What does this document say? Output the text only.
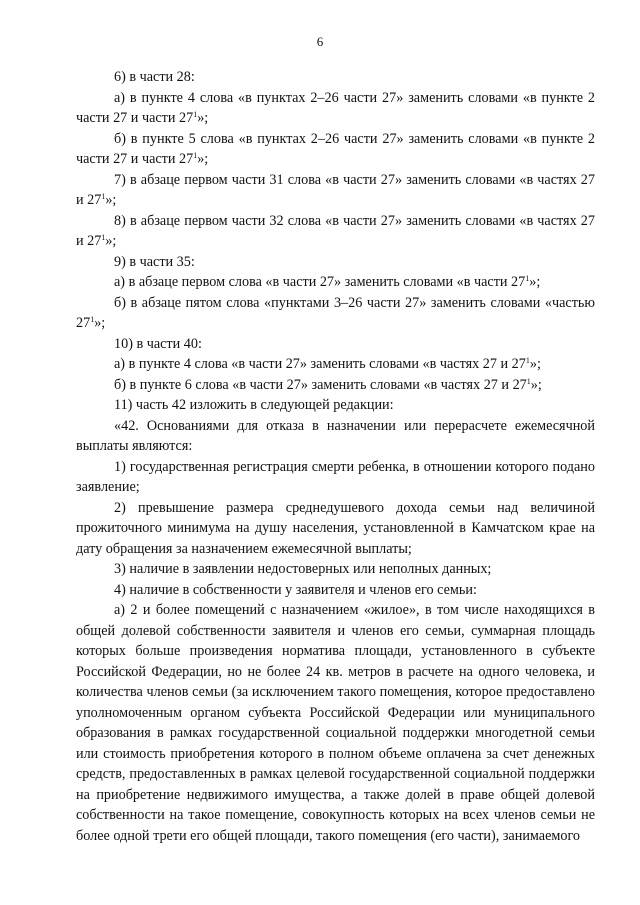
6

6) в части 28:

а) в пункте 4 слова «в пунктах 2–26 части 27» заменить словами «в пункте 2 части 27 и части $27^1$»;

б) в пункте 5 слова «в пунктах 2–26 части 27» заменить словами «в пункте 2 части 27 и части $27^1$»;

7) в абзаце первом части 31 слова «в части 27» заменить словами «в частях 27 и $27^1$»;

8) в абзаце первом части 32 слова «в части 27» заменить словами «в частях 27 и $27^1$»;

9) в части 35:

а) в абзаце первом слова «в части 27» заменить словами «в части $27^1$»;

б) в абзаце пятом слова «пунктами 3–26 части 27» заменить словами «частью $27^1$»;

10) в части 40:

а) в пункте 4 слова «в части 27» заменить словами «в частях 27 и $27^1$»;

б) в пункте 6 слова «в части 27» заменить словами «в частях 27 и $27^1$»;

11) часть 42 изложить в следующей редакции:

«42. Основаниями для отказа в назначении или перерасчете ежемесячной выплаты являются:

1) государственная регистрация смерти ребенка, в отношении которого подано заявление;

2) превышение размера среднедушевого дохода семьи над величиной прожиточного минимума на душу населения, установленной в Камчатском крае на дату обращения за назначением ежемесячной выплаты;

3) наличие в заявлении недостоверных или неполных данных;

4) наличие в собственности у заявителя и членов его семьи:

а) 2 и более помещений с назначением «жилое», в том числе находящихся в общей долевой собственности заявителя и членов его семьи, суммарная площадь которых больше произведения норматива площади, установленного в субъекте Российской Федерации, но не более 24 кв. метров в расчете на одного человека, и количества членов семьи (за исключением такого помещения, которое предоставлено уполномоченным органом субъекта Российской Федерации или муниципального образования в рамках государственной социальной поддержки многодетной семьи или стоимость приобретения которого в полном объеме оплачена за счет денежных средств, предоставленных в рамках целевой государственной социальной поддержки на приобретение недвижимого имущества, а также долей в праве общей долевой собственности на такое помещение, совокупность которых на всех членов семьи не более одной трети его общей площади, такого помещения (его части), занимаемого
